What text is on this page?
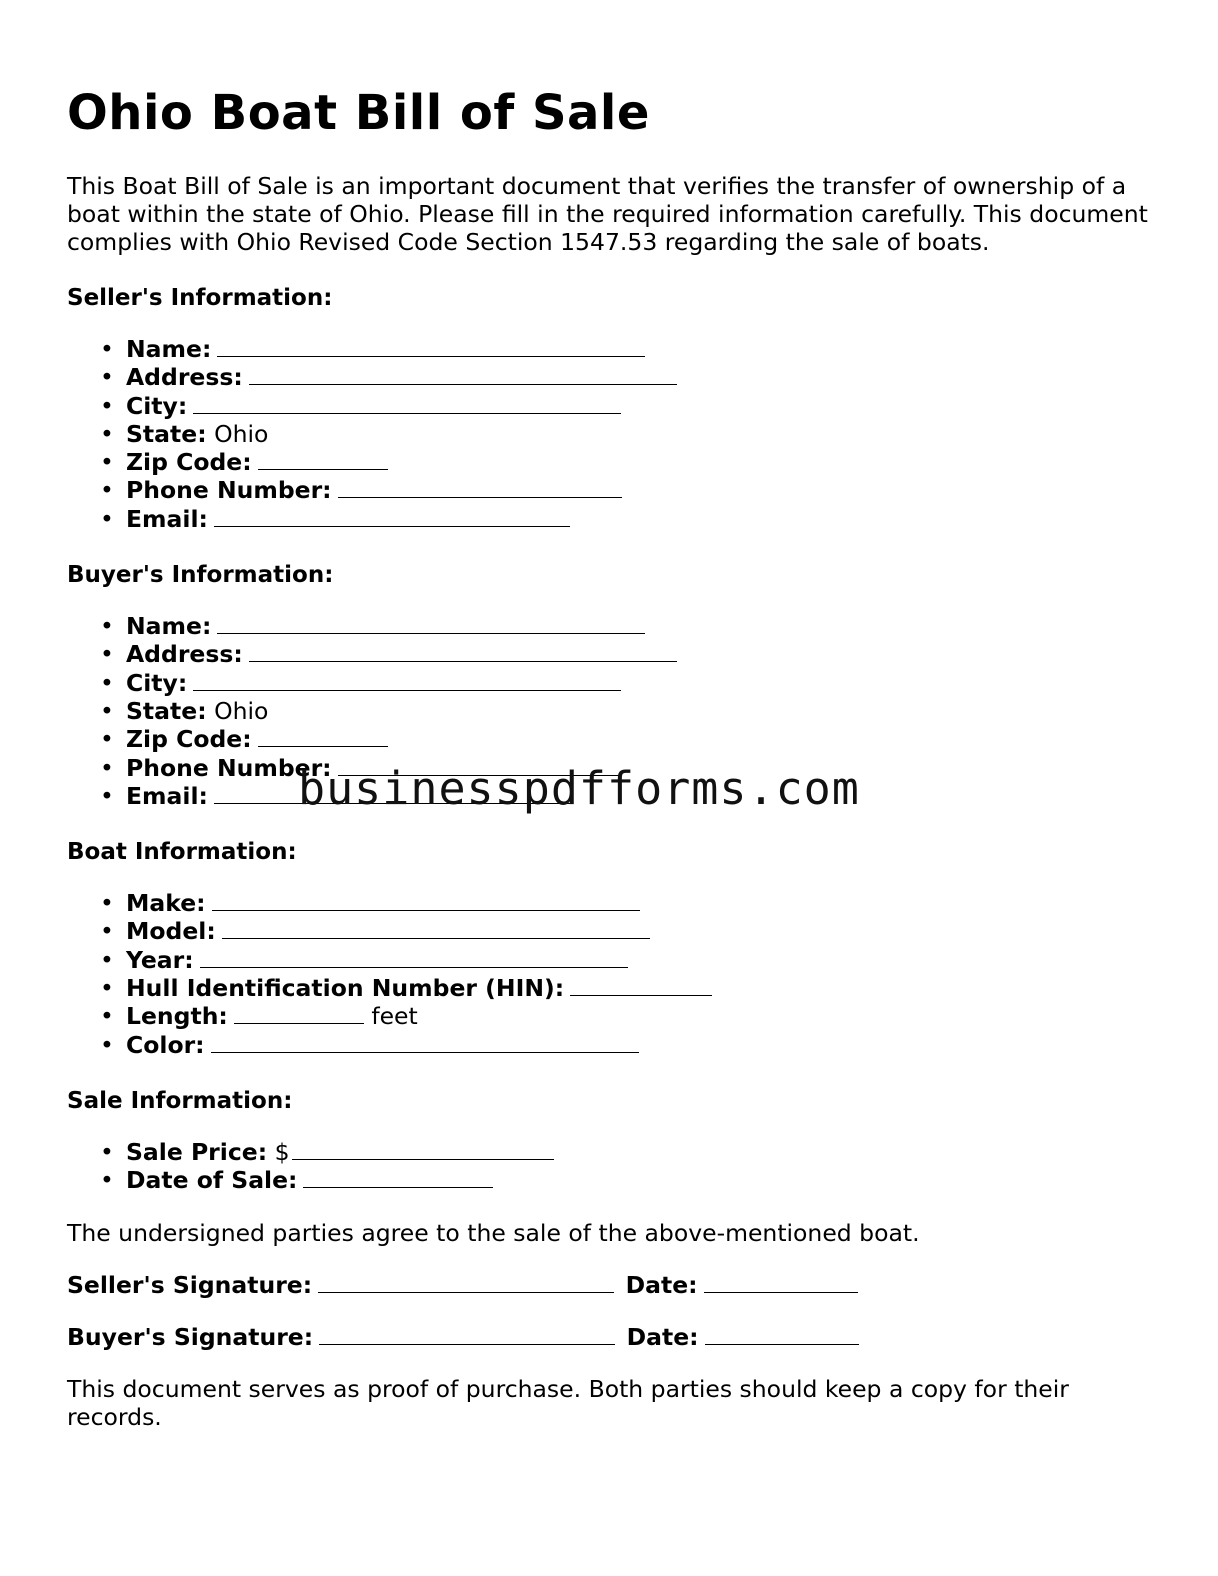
Ohio Boat Bill of Sale

This Boat Bill of Sale is an important document that verifies the transfer of ownership of a boat within the state of Ohio. Please fill in the required information carefully. This document complies with Ohio Revised Code Section 1547.53 regarding the sale of boats.

Seller's Information:
• Name:
• Address:
• City:
• State: Ohio
• Zip Code:
• Phone Number:
• Email:
Buyer's Information:
• Name:
• Address:
• City:
• State: Ohio
• Zip Code:
• Phone Number:
• Email:
Boat Information:
• Make:
• Model:
• Year:
• Hull Identification Number (HIN):
• Length:	feet
• Color:
Sale Information:
• Sale Price: $
• Date of Sale:

The undersigned parties agree to the sale of the above-mentioned boat.

Seller's Signature:	Date:
Buyer's Signature:	Date:

This document serves as proof of purchase. Both parties should keep a copy for their records.

businesspdfforms.com
